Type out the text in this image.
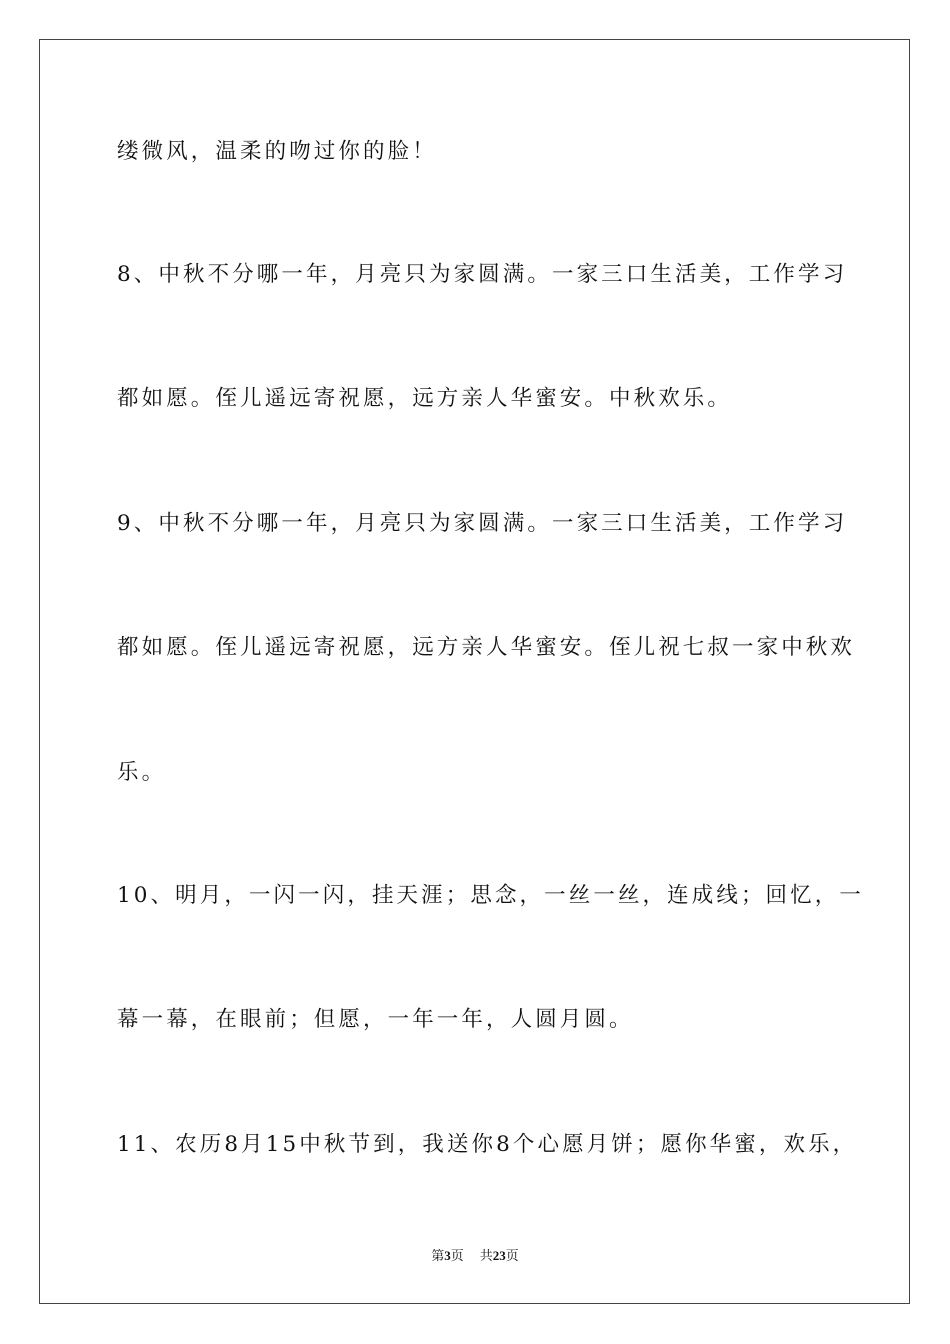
缕微风，温柔的吻过你的脸！
8、中秋不分哪一年，月亮只为家圆满。一家三口生活美，工作学习
都如愿。侄儿遥远寄祝愿，远方亲人华蜜安。中秋欢乐。
9、中秋不分哪一年，月亮只为家圆满。一家三口生活美，工作学习
都如愿。侄儿遥远寄祝愿，远方亲人华蜜安。侄儿祝七叔一家中秋欢
乐。
10、明月，一闪一闪，挂天涯；思念，一丝一丝，连成线；回忆，一
幕一幕，在眼前；但愿，一年一年，人圆月圆。
11、农历8月15中秋节到，我送你8个心愿月饼；愿你华蜜，欢乐，
第3页 共23页
